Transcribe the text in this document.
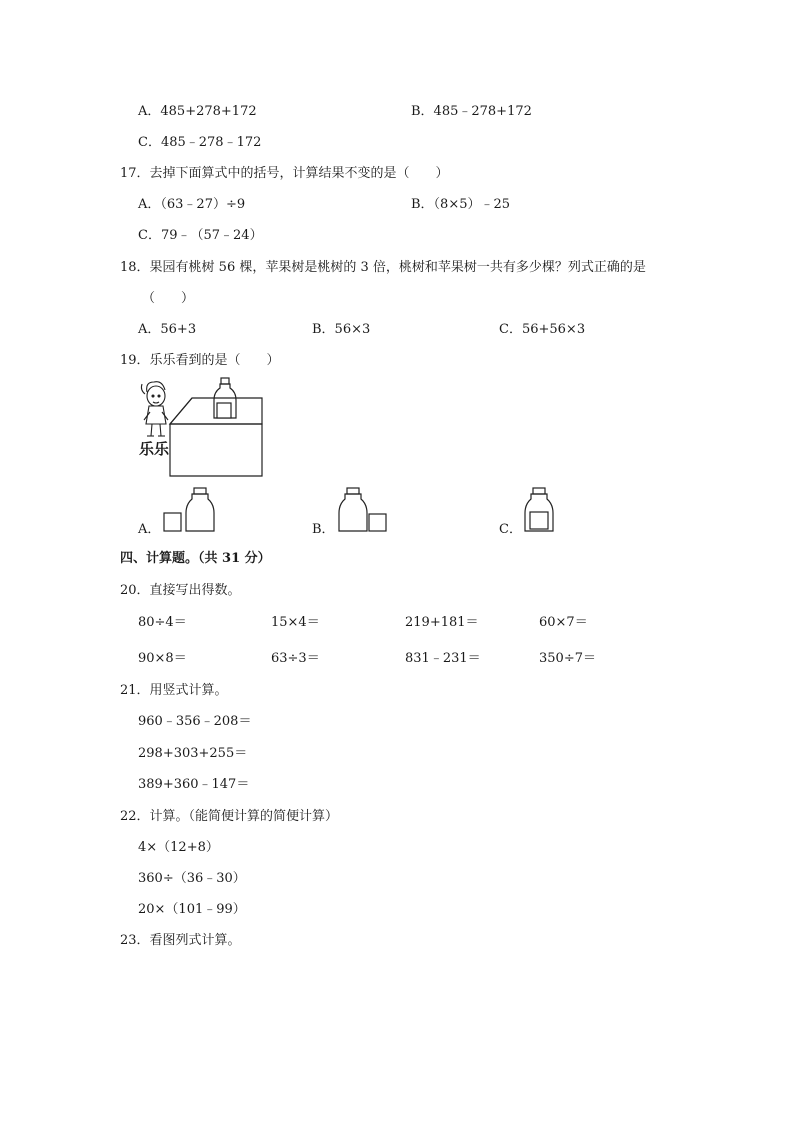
A．485+278+172	B．485﹣278+172
C．485﹣278﹣172
17．去掉下面算式中的括号，计算结果不变的是（　　）
A．（63﹣27）÷9	B．（8×5）﹣25
C．79﹣（57﹣24）
18．果园有桃树 56 棵，苹果树是桃树的 3 倍，桃树和苹果树一共有多少棵？列式正确的是
（　　）
A．56+3	B．56×3	C．56+56×3
19．乐乐看到的是（　　）
乐乐
A．	B．	C．
四、计算题。（共 31 分）
20．直接写出得数。
80÷4＝	15×4＝	219+181＝	60×7＝
90×8＝	63÷3＝	831﹣231＝	350÷7＝
21．用竖式计算。
960﹣356﹣208＝
298+303+255＝
389+360﹣147＝
22．计算。（能简便计算的简便计算）
4×（12+8）
360÷（36﹣30）
20×（101﹣99）
23．看图列式计算。
